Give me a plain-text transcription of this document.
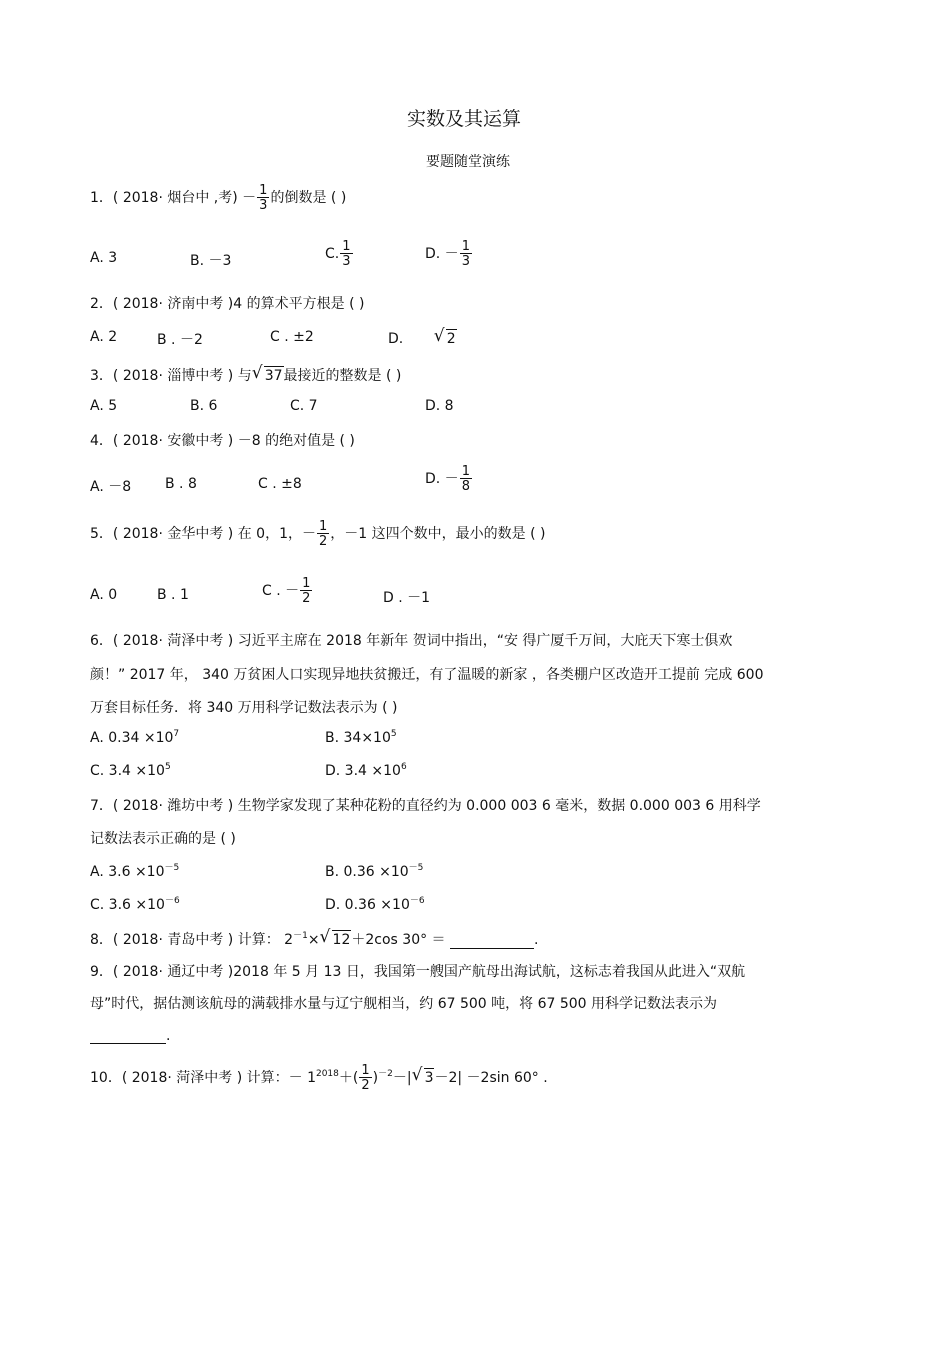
实数及其运算
要题随堂演练
1．( 2018· 烟台中 ,考) － $\frac{1}{3}$ 的倒数是 ( )
A. 3	B. －3	C. $\frac{1}{3}$	D. － $\frac{1}{3}$
2．( 2018· 济南中考 )4 的算术平方根是 ( )
A. 2	B . －2	C . ±2	D. √ 2
3．( 2018· 淄博中考 ) 与 √ 37最接近的整数是 ( )
A. 5	B. 6	C. 7	D. 8
4．( 2018· 安徽中考 ) －8 的绝对值是 ( )
A. －8 B . 8	C . ±8	D. － $\frac{1}{8}$
5．( 2018· 金华中考 ) 在 0，1，－ $\frac{1}{2}$ ，－1 这四个数中，最小的数是 ( )
A. 0	B . 1	C . － $\frac{1}{2}$	D . －1
6．( 2018· 菏泽中考 ) 习近平主席在 2018 年新年 贺词中指出，“安 得广厦千万间，大庇天下寒士俱欢
颜！” 2017 年， 340 万贫困人口实现异地扶贫搬迁，有了温暖的新家 ，各类棚户区改造开工提前 完成 600
万套目标任务．将 340 万用科学记数法表示为 ( )
A. $0.34 \times 10^7$	B. $34\times 10^5$
C. $3.4 \times 10^5$	D. $3.4 \times 10^6$
7．( 2018· 潍坊中考 ) 生物学家发现了某种花粉的直径约为 0.000 003 6 毫米，数据 0.000 003 6 用科学
记数法表示正确的是 ( )
A. $3.6 \times 10^{-5}$	B. $0.36 \times 10^{-5}$
C. $3.6 \times 10^{-6}$	D. $0.36 \times 10^{-6}$
8．( 2018· 青岛中考 ) 计算： $2^{-1}\times$ √ 12＋2cos 30° ＝	.
9．( 2018· 通辽中考 )2018 年 5 月 13 日，我国第一艘国产航母出海试航，这标志着我国从此进入“双航
母”时代，据估测该航母的满载排水量与辽宁舰相当，约 67 500 吨，将 67 500 用科学记数法表示为
.
10．( 2018· 菏泽中考 ) 计算：－ $1^{2018}+( \frac{1}{2} )^{-2}-|$ √ 3－2| －2sin 60° .
